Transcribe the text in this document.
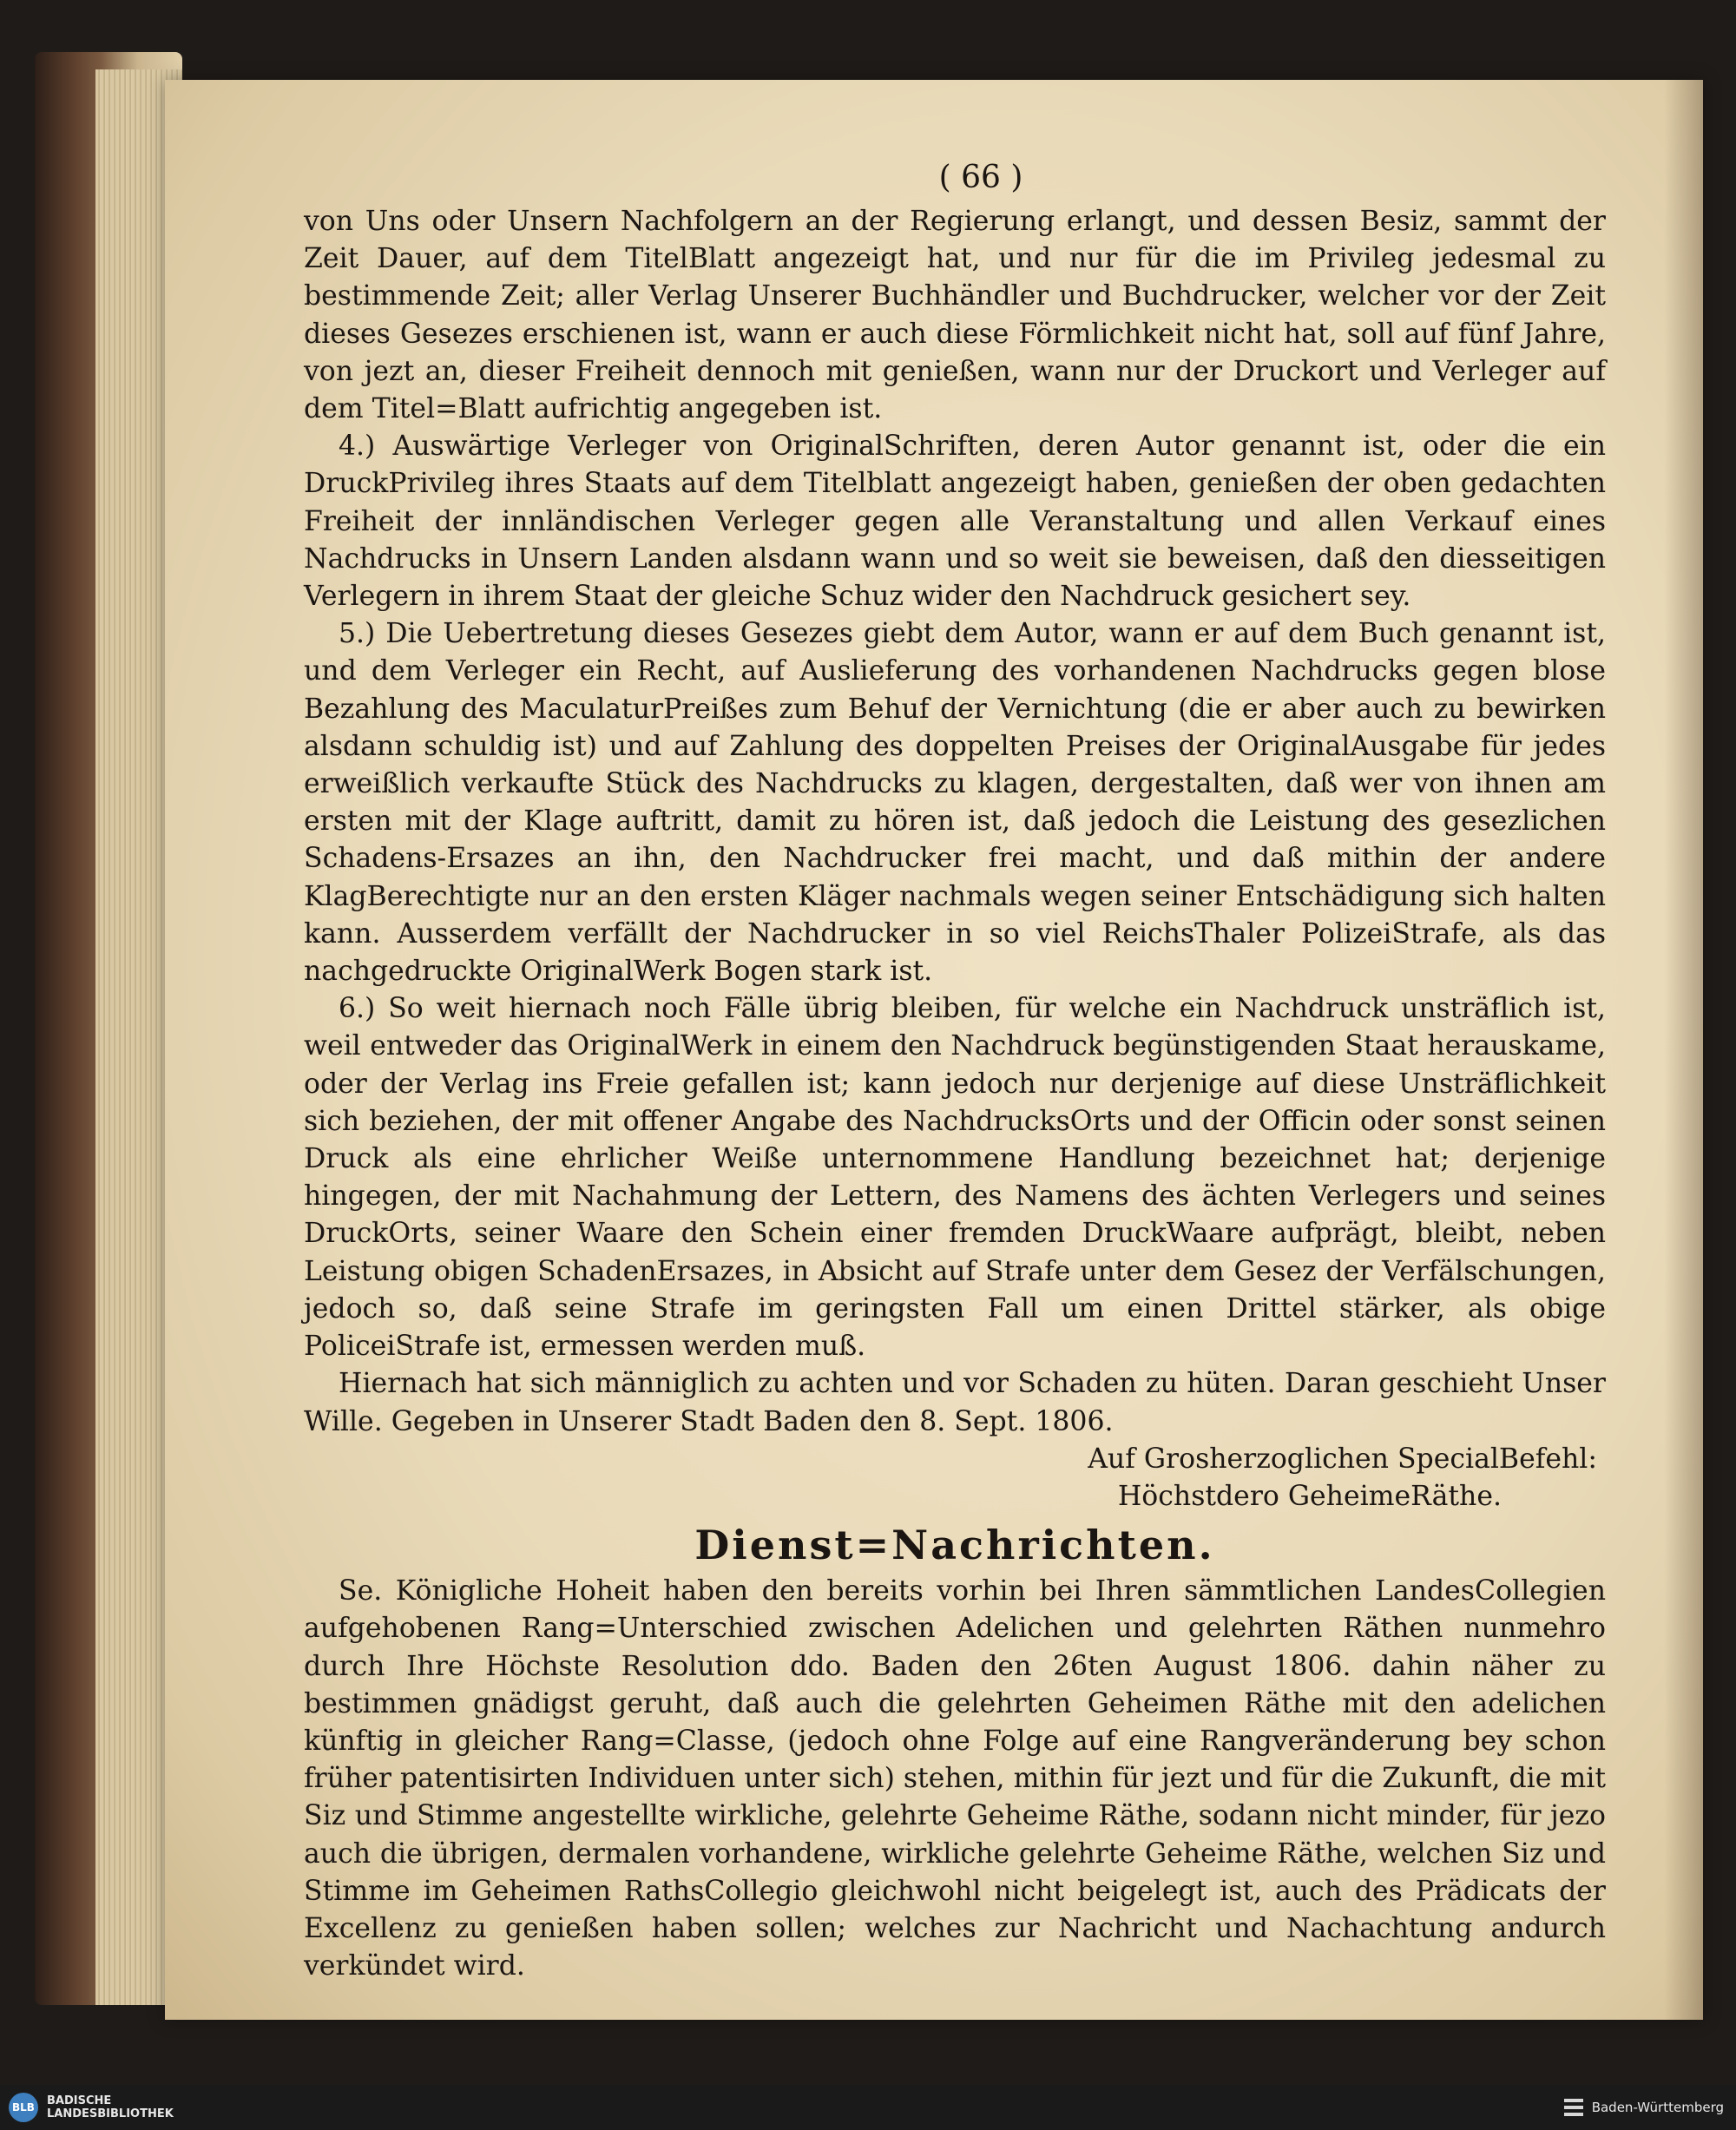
( 66 )

von Uns oder Unsern Nachfolgern an der Regierung erlangt, und dessen Besiz, sammt der Zeit Dauer, auf dem TitelBlatt angezeigt hat, und nur für die im Privileg jedesmal zu bestimmende Zeit; aller Verlag Unserer Buchhändler und Buchdrucker, welcher vor der Zeit dieses Gesezes erschienen ist, wann er auch diese Förmlichkeit nicht hat, soll auf fünf Jahre, von jezt an, dieser Freiheit dennoch mit genießen, wann nur der Druckort und Verleger auf dem Titel=Blatt aufrichtig angegeben ist.

4.) Auswärtige Verleger von OriginalSchriften, deren Autor genannt ist, oder die ein DruckPrivileg ihres Staats auf dem Titelblatt angezeigt haben, genießen der oben gedachten Freiheit der innländischen Verleger gegen alle Veranstaltung und allen Verkauf eines Nachdrucks in Unsern Landen alsdann wann und so weit sie beweisen, daß den diesseitigen Verlegern in ihrem Staat der gleiche Schuz wider den Nachdruck gesichert sey.

5.) Die Uebertretung dieses Gesezes giebt dem Autor, wann er auf dem Buch genannt ist, und dem Verleger ein Recht, auf Auslieferung des vorhandenen Nachdrucks gegen blose Bezahlung des MaculaturPreißes zum Behuf der Vernichtung (die er aber auch zu bewirken alsdann schuldig ist) und auf Zahlung des doppelten Preises der OriginalAusgabe für jedes erweißlich verkaufte Stück des Nachdrucks zu klagen, dergestalten, daß wer von ihnen am ersten mit der Klage auftritt, damit zu hören ist, daß jedoch die Leistung des gesezlichen Schadens-Ersazes an ihn, den Nachdrucker frei macht, und daß mithin der andere KlagBerechtigte nur an den ersten Kläger nachmals wegen seiner Entschädigung sich halten kann. Ausserdem verfällt der Nachdrucker in so viel ReichsThaler PolizeiStrafe, als das nachgedruckte OriginalWerk Bogen stark ist.

6.) So weit hiernach noch Fälle übrig bleiben, für welche ein Nachdruck unsträflich ist, weil entweder das OriginalWerk in einem den Nachdruck begünstigenden Staat herauskame, oder der Verlag ins Freie gefallen ist; kann jedoch nur derjenige auf diese Unsträflichkeit sich beziehen, der mit offener Angabe des NachdrucksOrts und der Officin oder sonst seinen Druck als eine ehrlicher Weiße unternommene Handlung bezeichnet hat; derjenige hingegen, der mit Nachahmung der Lettern, des Namens des ächten Verlegers und seines DruckOrts, seiner Waare den Schein einer fremden DruckWaare aufprägt, bleibt, neben Leistung obigen SchadenErsazes, in Absicht auf Strafe unter dem Gesez der Verfälschungen, jedoch so, daß seine Strafe im geringsten Fall um einen Drittel stärker, als obige PoliceiStrafe ist, ermessen werden muß.

Hiernach hat sich männiglich zu achten und vor Schaden zu hüten. Daran geschieht Unser Wille. Gegeben in Unserer Stadt Baden den 8. Sept. 1806.

Auf Grosherzoglichen SpecialBefehl:

Höchstdero GeheimeRäthe.

Dienst=Nachrichten.

Se. Königliche Hoheit haben den bereits vorhin bei Ihren sämmtlichen LandesCollegien aufgehobenen Rang=Unterschied zwischen Adelichen und gelehrten Räthen nunmehro durch Ihre Höchste Resolution ddo. Baden den 26ten August 1806. dahin näher zu bestimmen gnädigst geruht, daß auch die gelehrten Geheimen Räthe mit den adelichen künftig in gleicher Rang=Classe, (jedoch ohne Folge auf eine Rangveränderung bey schon früher patentisirten Individuen unter sich) stehen, mithin für jezt und für die Zukunft, die mit Siz und Stimme angestellte wirkliche, gelehrte Geheime Räthe, sodann nicht minder, für jezo auch die übrigen, dermalen vorhandene, wirkliche gelehrte Geheime Räthe, welchen Siz und Stimme im Geheimen RathsCollegio gleichwohl nicht beigelegt ist, auch des Prädicats der Excellenz zu genießen haben sollen; welches zur Nachricht und Nachachtung andurch verkündet wird.

BLB	BADISCHE
LANDESBIBLIOTHEK	Baden-Württemberg
